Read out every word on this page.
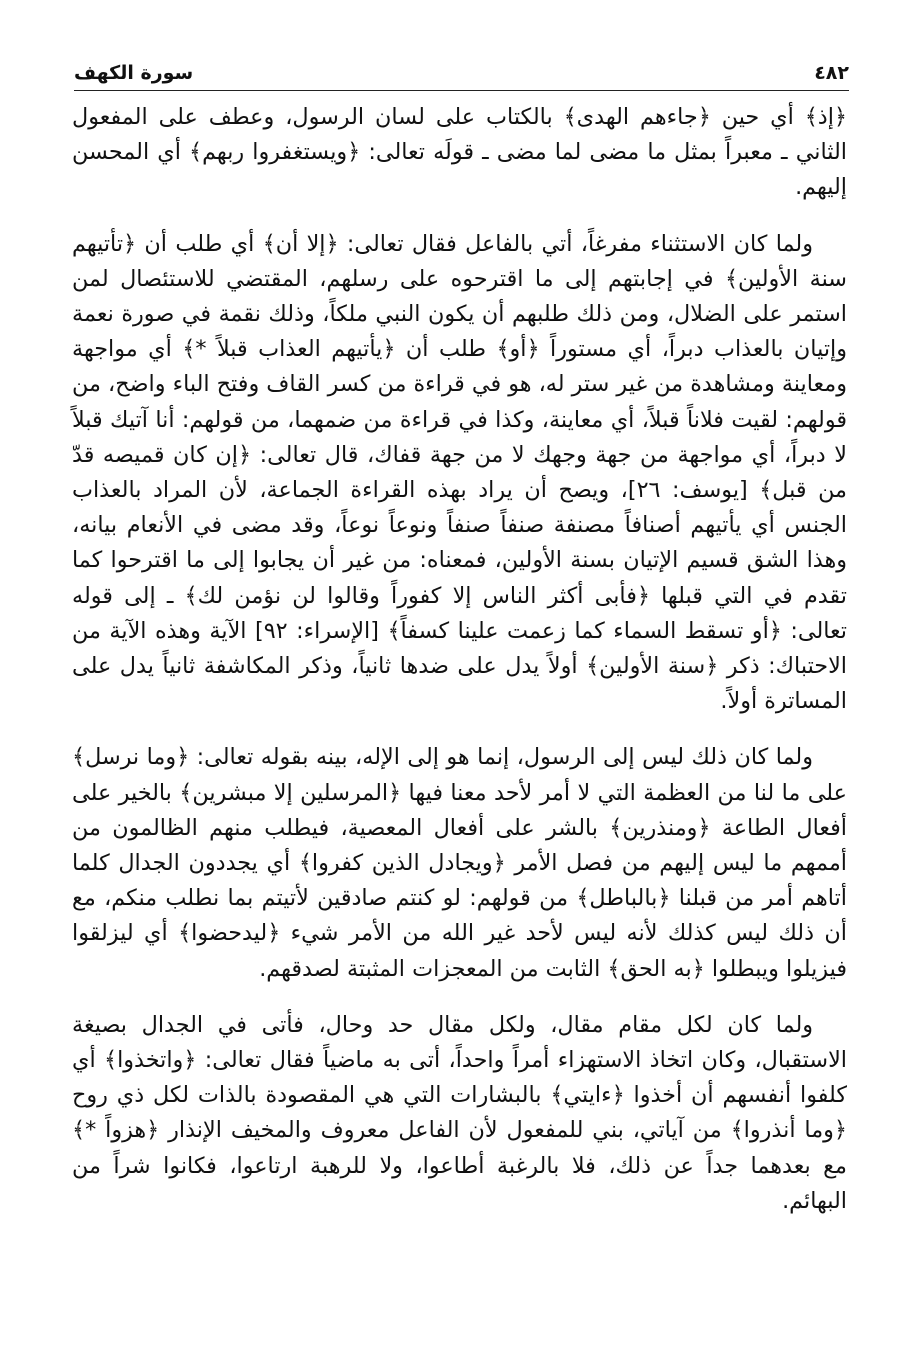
٤٨٢
سورة الكهف

﴿إذ﴾ أي حين ﴿جاءهم الهدى﴾ بالكتاب على لسان الرسول، وعطف على المفعول الثاني ـ معبراً بمثل ما مضى لما مضى ـ قولَه تعالى: ﴿ويستغفروا ربهم﴾ أي المحسن إليهم.

ولما كان الاستثناء مفرغاً، أتي بالفاعل فقال تعالى: ﴿إلا أن﴾ أي طلب أن ﴿تأتيهم سنة الأولين﴾ في إجابتهم إلى ما اقترحوه على رسلهم، المقتضي للاستئصال لمن استمر على الضلال، ومن ذلك طلبهم أن يكون النبي ملكاً، وذلك نقمة في صورة نعمة وإتيان بالعذاب دبراً، أي مستوراً ﴿أو﴾ طلب أن ﴿يأتيهم العذاب قبلاً *﴾ أي مواجهة ومعاينة ومشاهدة من غير ستر له، هو في قراءة من كسر القاف وفتح الباء واضح، من قولهم: لقيت فلاناً قبلاً، أي معاينة، وكذا في قراءة من ضمهما، من قولهم: أنا آتيك قبلاً لا دبراً، أي مواجهة من جهة وجهك لا من جهة قفاك، قال تعالى: ﴿إن كان قميصه قدّ من قبل﴾ [يوسف: ٢٦]، ويصح أن يراد بهذه القراءة الجماعة، لأن المراد بالعذاب الجنس أي يأتيهم أصنافاً مصنفة صنفاً صنفاً ونوعاً نوعاً، وقد مضى في الأنعام بيانه، وهذا الشق قسيم الإتيان بسنة الأولين، فمعناه: من غير أن يجابوا إلى ما اقترحوا كما تقدم في التي قبلها ﴿فأبى أكثر الناس إلا كفوراً وقالوا لن نؤمن لك﴾ ـ إلى قوله تعالى: ﴿أو تسقط السماء كما زعمت علينا كسفاً﴾ [الإسراء: ٩٢] الآية وهذه الآية من الاحتباك: ذكر ﴿سنة الأولين﴾ أولاً يدل على ضدها ثانياً، وذكر المكاشفة ثانياً يدل على المساترة أولاً.

ولما كان ذلك ليس إلى الرسول، إنما هو إلى الإله، بينه بقوله تعالى: ﴿وما نرسل﴾ على ما لنا من العظمة التي لا أمر لأحد معنا فيها ﴿المرسلين إلا مبشرين﴾ بالخير على أفعال الطاعة ﴿ومنذرين﴾ بالشر على أفعال المعصية، فيطلب منهم الظالمون من أممهم ما ليس إليهم من فصل الأمر ﴿ويجادل الذين كفروا﴾ أي يجددون الجدال كلما أتاهم أمر من قبلنا ﴿بالباطل﴾ من قولهم: لو كنتم صادقين لأتيتم بما نطلب منكم، مع أن ذلك ليس كذلك لأنه ليس لأحد غير الله من الأمر شيء ﴿ليدحضوا﴾ أي ليزلقوا فيزيلوا ويبطلوا ﴿به الحق﴾ الثابت من المعجزات المثبتة لصدقهم.

ولما كان لكل مقام مقال، ولكل مقال حد وحال، فأتى في الجدال بصيغة الاستقبال، وكان اتخاذ الاستهزاء أمراً واحداً، أتى به ماضياً فقال تعالى: ﴿واتخذوا﴾ أي كلفوا أنفسهم أن أخذوا ﴿ءايتي﴾ بالبشارات التي هي المقصودة بالذات لكل ذي روح ﴿وما أنذروا﴾ من آياتي، بني للمفعول لأن الفاعل معروف والمخيف الإنذار ﴿هزواً *﴾ مع بعدهما جداً عن ذلك، فلا بالرغبة أطاعوا، ولا للرهبة ارتاعوا، فكانوا شراً من البهائم.
